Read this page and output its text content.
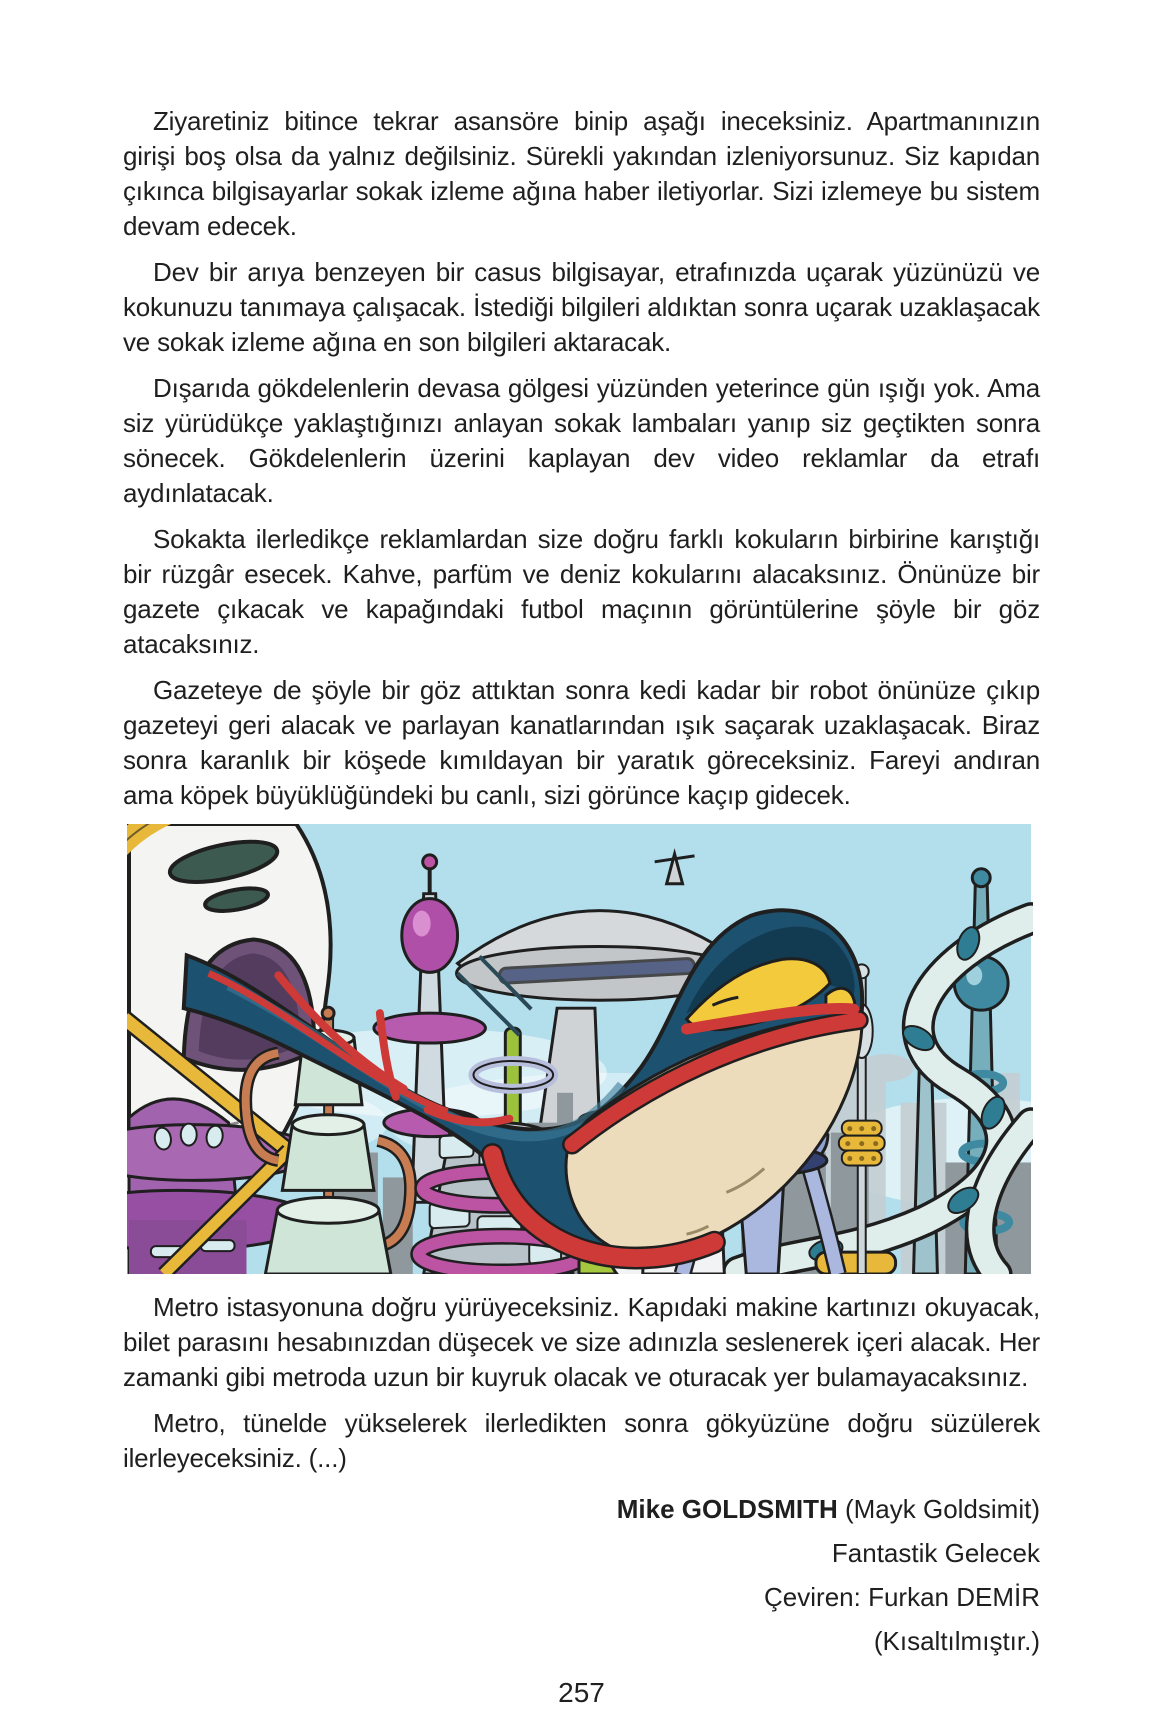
Ziyaretiniz bitince tekrar asansöre binip aşağı ineceksiniz. Apartmanınızın girişi boş olsa da yalnız değilsiniz. Sürekli yakından izleniyorsunuz. Siz kapıdan çıkınca bilgisayarlar sokak izleme ağına haber iletiyorlar. Sizi izlemeye bu sistem devam edecek.

Dev bir arıya benzeyen bir casus bilgisayar, etrafınızda uçarak yüzünüzü ve kokunuzu tanımaya çalışacak. İstediği bilgileri aldıktan sonra uçarak uzaklaşacak ve sokak izleme ağına en son bilgileri aktaracak.

Dışarıda gökdelenlerin devasa gölgesi yüzünden yeterince gün ışığı yok. Ama siz yürüdükçe yaklaştığınızı anlayan sokak lambaları yanıp siz geçtikten sonra sönecek. Gökdelenlerin üzerini kaplayan dev video reklamlar da etrafı aydınlatacak.

Sokakta ilerledikçe reklamlardan size doğru farklı kokuların birbirine karıştığı bir rüzgâr esecek. Kahve, parfüm ve deniz kokularını alacaksınız. Önünüze bir gazete çıkacak ve kapağındaki futbol maçının görüntülerine şöyle bir göz atacaksınız.

Gazeteye de şöyle bir göz attıktan sonra kedi kadar bir robot önünüze çıkıp gazeteyi geri alacak ve parlayan kanatlarından ışık saçarak uzaklaşacak. Biraz sonra karanlık bir köşede kımıldayan bir yaratık göreceksiniz. Fareyi andıran ama köpek büyüklüğündeki bu canlı, sizi görünce kaçıp gidecek.

Metro istasyonuna doğru yürüyeceksiniz. Kapıdaki makine kartınızı okuyacak, bilet parasını hesabınızdan düşecek ve size adınızla seslenerek içeri alacak. Her zamanki gibi metroda uzun bir kuyruk olacak ve oturacak yer bulamayacaksınız.

Metro, tünelde yükselerek ilerledikten sonra gökyüzüne doğru süzülerek ilerleyeceksiniz. (...)

Mike GOLDSMITH (Mayk Goldsimit)
Fantastik Gelecek
Çeviren: Furkan DEMİR
(Kısaltılmıştır.)
257
